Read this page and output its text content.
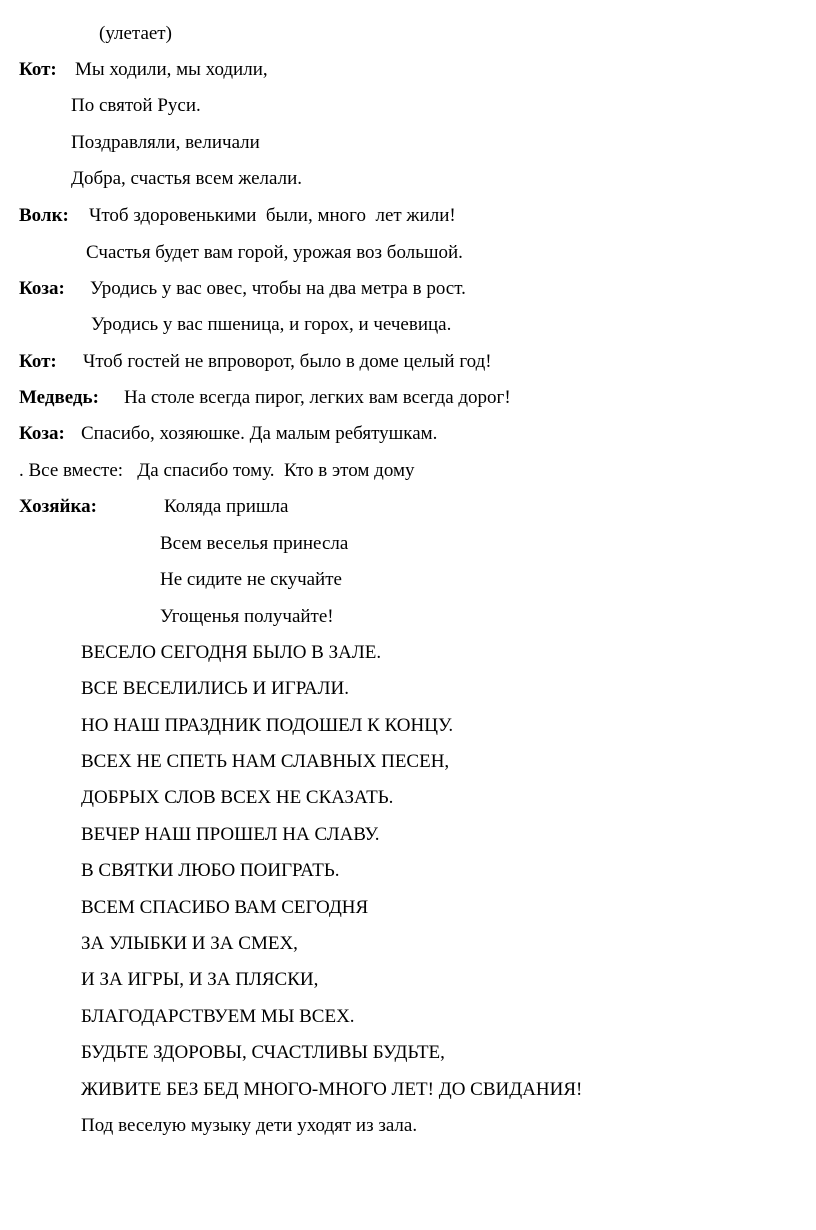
(улетает)

Кот: Мы ходили, мы ходили,

По святой Руси.

Поздравляли, величали

Добра, счастья всем желали.

Волк: Чтоб здоровенькими  были, много  лет жили!

Счастья будет вам горой, урожая воз большой.

Коза: Уродись у вас овес, чтобы на два метра в рост.

Уродись у вас пшеница, и горох, и чечевица.

Кот: Чтоб гостей не впроворот, было в доме целый год!

Медведь: На столе всегда пирог, легких вам всегда дорог!

Коза: Спасибо, хозяюшке. Да малым ребятушкам.

. Все вместе:   Да спасибо тому.  Кто в этом дому

Хозяйка:	Коляда пришла

Всем веселья принесла

Не сидите не скучайте

Угощенья получайте!

ВЕСЕЛО СЕГОДНЯ БЫЛО В ЗАЛЕ.

ВСЕ ВЕСЕЛИЛИСЬ И ИГРАЛИ.

НО НАШ ПРАЗДНИК ПОДОШЕЛ К КОНЦУ.

ВСЕХ НЕ СПЕТЬ НАМ СЛАВНЫХ ПЕСЕН,

ДОБРЫХ СЛОВ ВСЕХ НЕ СКАЗАТЬ.

ВЕЧЕР НАШ ПРОШЕЛ НА СЛАВУ.

В СВЯТКИ ЛЮБО ПОИГРАТЬ.

ВСЕМ СПАСИБО ВАМ СЕГОДНЯ

ЗА УЛЫБКИ И ЗА СМЕХ,

И ЗА ИГРЫ, И ЗА ПЛЯСКИ,

БЛАГОДАРСТВУЕМ МЫ ВСЕХ.

БУДЬТЕ ЗДОРОВЫ, СЧАСТЛИВЫ БУДЬТЕ,

ЖИВИТЕ БЕЗ БЕД МНОГО-МНОГО ЛЕТ! ДО СВИДАНИЯ!

Под веселую музыку дети уходят из зала.
